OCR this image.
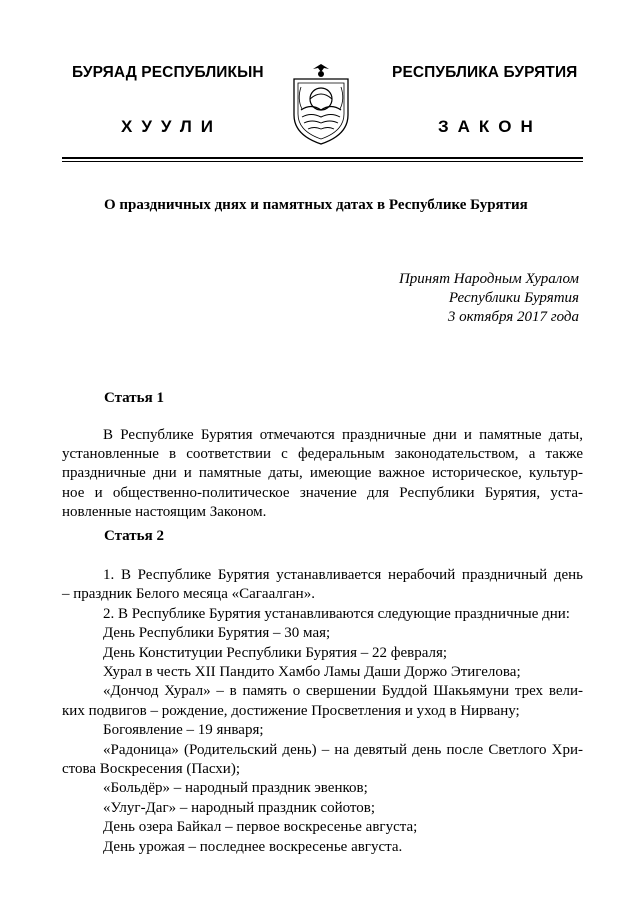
БУРЯАД РЕСПУБЛИКЫН
ХУУЛИ
РЕСПУБЛИКА БУРЯТИЯ
ЗАКОН
О праздничных днях и памятных датах в Республике Бурятия
Принят Народным Хуралом
Республики Бурятия
3 октября 2017 года
Статья 1

В Республике Бурятия отмечаются праздничные дни и памятные даты,

установленные в соответствии с федеральным законодательством, а также

праздничные дни и памятные даты, имеющие важное историческое, культур-

ное и общественно-политическое значение для Республики Бурятия, уста-

новленные настоящим Законом.

Статья 2

1. В Республике Бурятия устанавливается нерабочий праздничный день

– праздник Белого месяца «Сагаалган».

2. В Республике Бурятия устанавливаются следующие праздничные дни:

День Республики Бурятия – 30 мая;

День Конституции Республики Бурятия – 22 февраля;

Хурал в честь XII Пандито Хамбо Ламы Даши Доржо Этигелова;

«Дончод Хурал» – в память о свершении Буддой Шакьямуни трех вели-

ких подвигов – рождение, достижение Просветления и уход в Нирвану;

Богоявление – 19 января;

«Радоница» (Родительский день) – на девятый день после Светлого Хри-

стова Воскресения (Пасхи);

«Больдёр» – народный праздник эвенков;

«Улуг-Даг» – народный праздник сойотов;

День озера Байкал – первое воскресенье августа;

День урожая – последнее воскресенье августа.
